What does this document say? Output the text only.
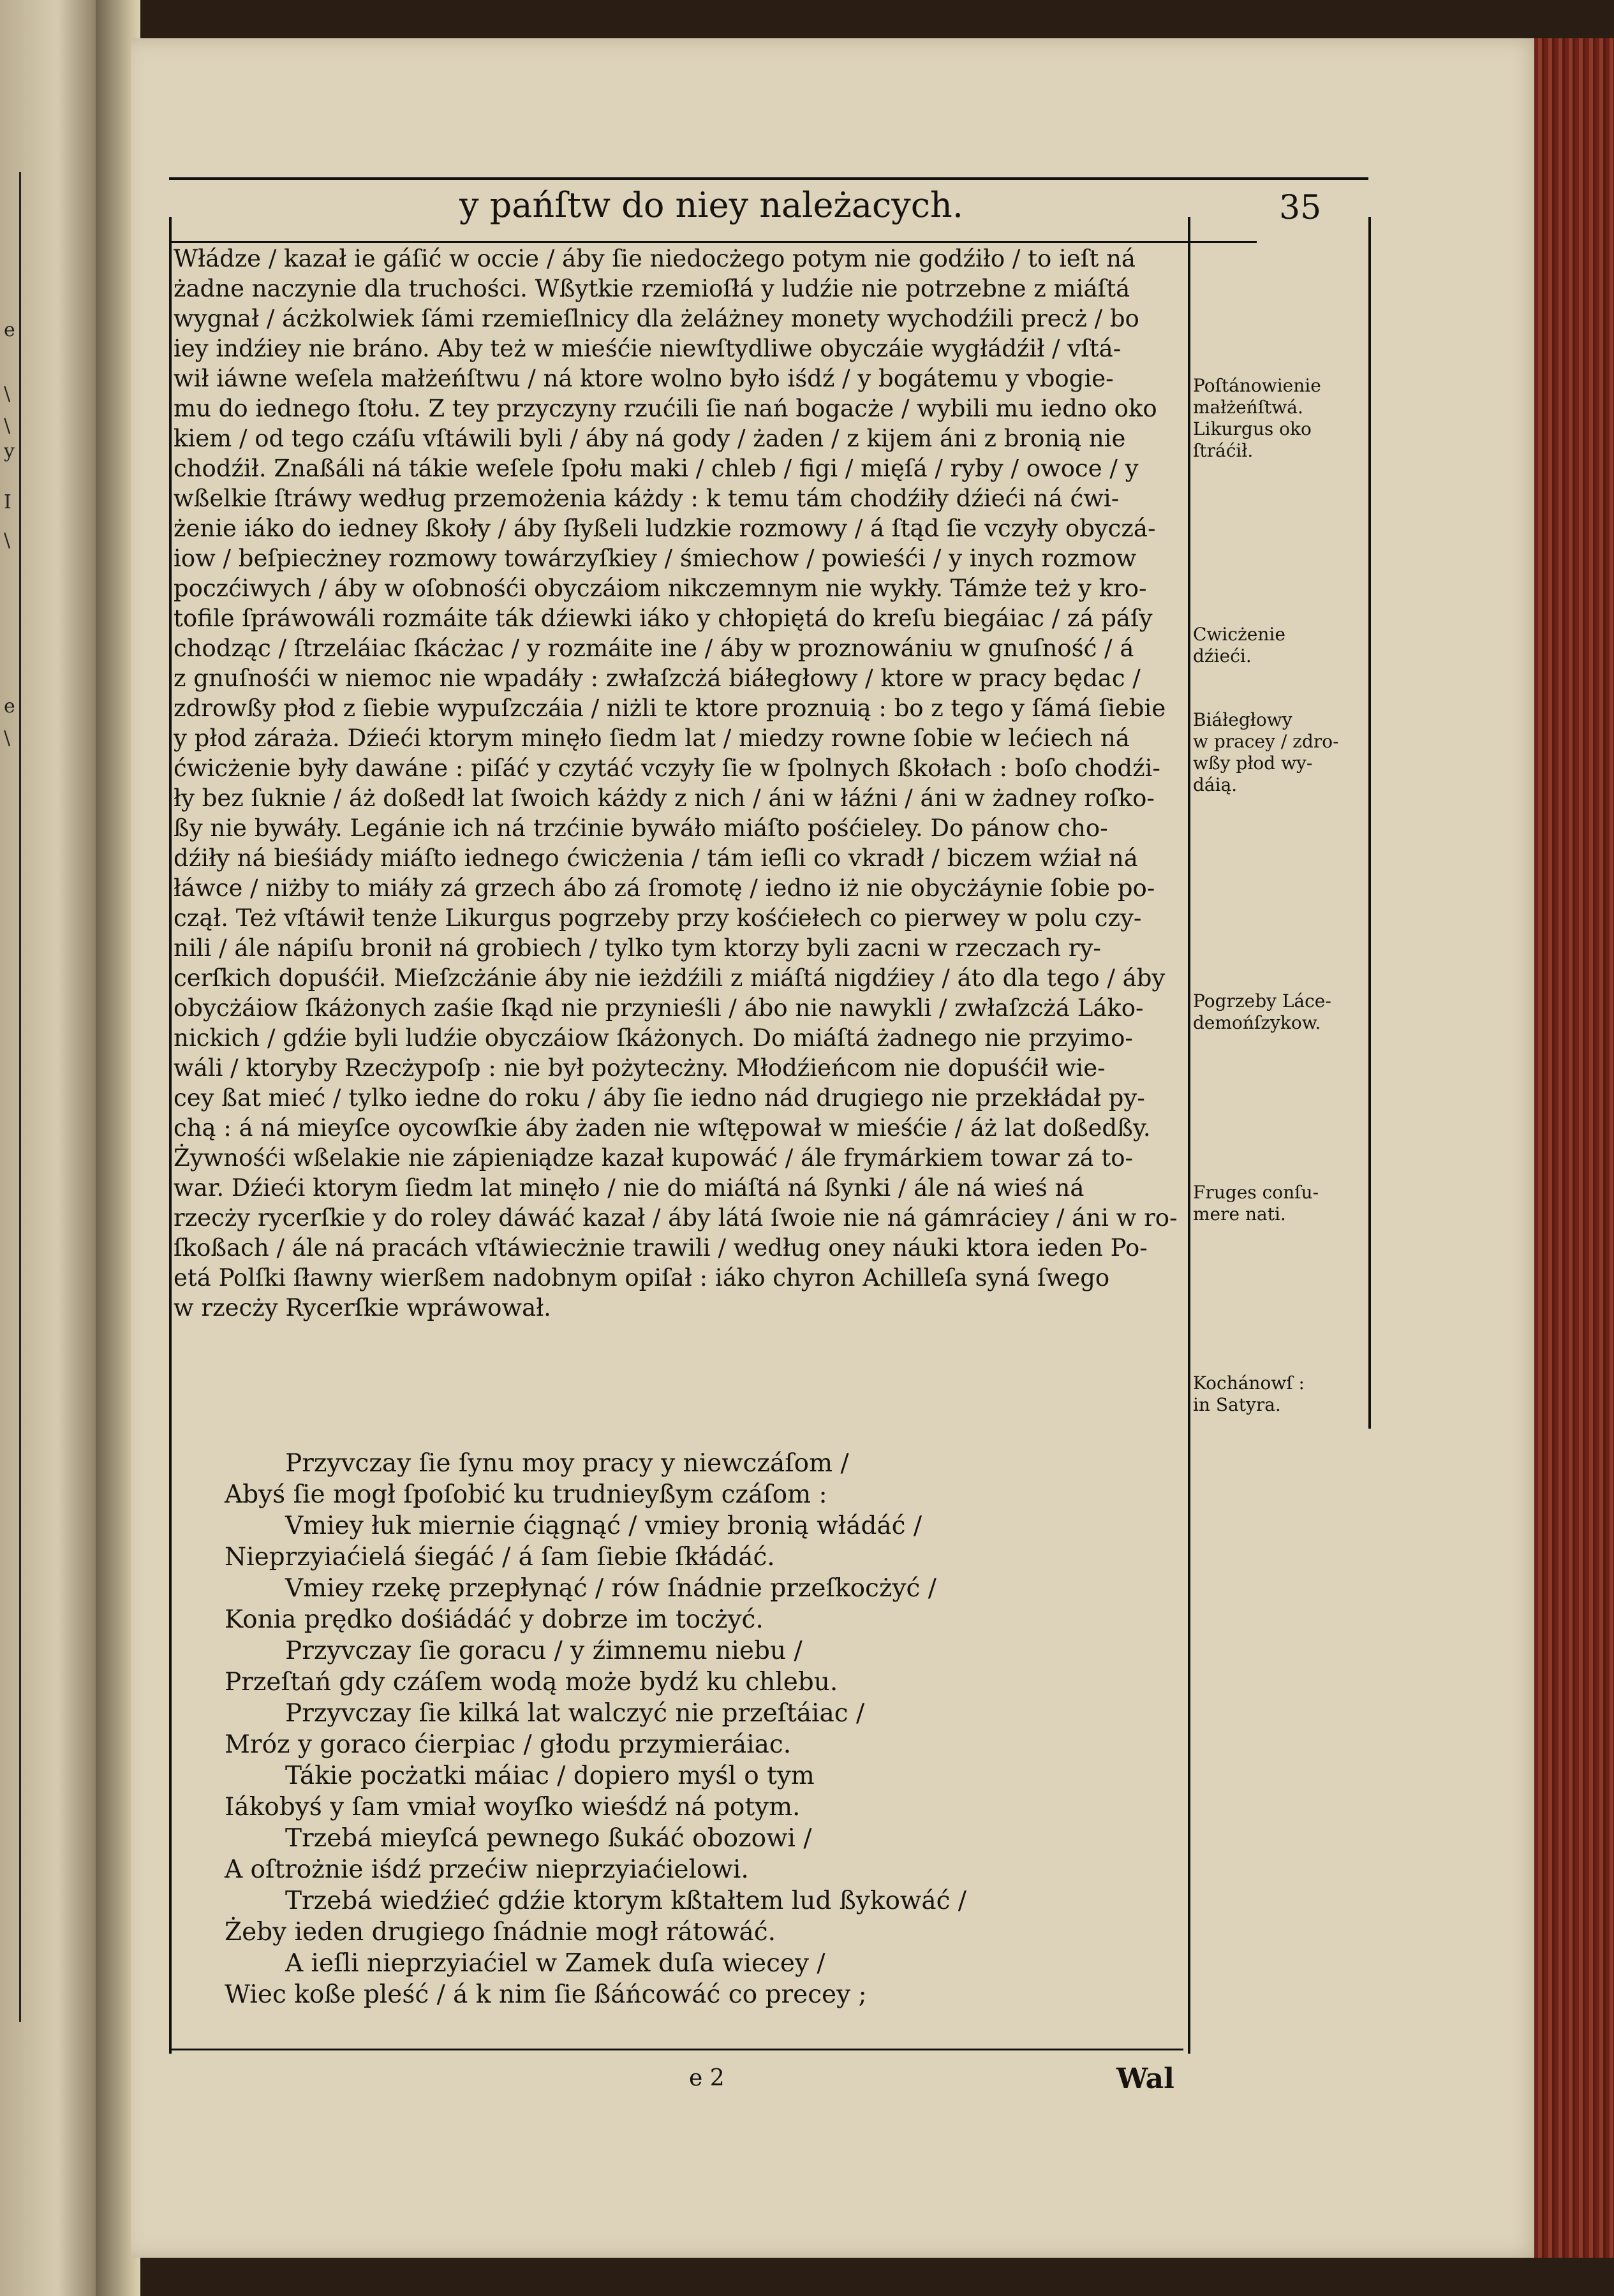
e
\
\
y
I
\
e
\
y pańſtw do niey należacych.	35

Włádze / kazał ie gáſić w occie / áby ſie niedocżego potym nie godźiło / to ieſt ná

żadne naczynie dla truchości. Wßytkie rzemioſłá y ludźie nie potrzebne z miáſtá

wygnał / ácżkolwiek ſámi rzemieſlnicy dla żeláżney monety wychodźili precż / bo

iey indźiey nie bráno. Aby też w mieśćie niewſtydliwe obyczáie wygłádźił / vſtá-

wił iáwne weſela małżeńſtwu / ná ktore wolno było iśdź / y bogátemu y vbogie-

mu do iednego ſtołu. Z tey przyczyny rzućili ſie nań bogacże / wybili mu iedno oko

kiem / od tego czáſu vſtáwili byli / áby ná gody / żaden / z kijem áni z bronią nie

chodźił. Znaßáli ná tákie weſele ſpołu maki / chleb / figi / mięſá / ryby / owoce / y

wßelkie ſtráwy według przemożenia káżdy : k temu tám chodźiły dźieći ná ćwi-

żenie iáko do iedney ßkoły / áby ſłyßeli ludzkie rozmowy / á ſtąd ſie vczyły obyczá-

iow / beſpiecżney rozmowy towárzyſkiey / śmiechow / powieśći / y inych rozmow

poczćiwych / áby w oſobnośći obyczáiom nikczemnym nie wykły. Támże też y kro-

tofile ſpráwowáli rozmáite ták dźiewki iáko y chłopiętá do kreſu biegáiac / zá páſy

chodząc / ſtrzeláiac ſkácżac / y rozmáite ine / áby w proznowániu w gnuſność / á

z gnuſnośći w niemoc nie wpadáły : zwłaſzcżá biáłegłowy / ktore w pracy będac /

zdrowßy płod z ſiebie wypuſzczáia / niżli te ktore proznuią : bo z tego y ſámá ſiebie

y płod záraża. Dźieći ktorym minęło ſiedm lat / miedzy rowne ſobie w lećiech ná

ćwicżenie były dawáne : piſáć y czytáć vczyły ſie w ſpolnych ßkołach : boſo chodźi-

ły bez ſuknie / áż doßedł lat ſwoich káżdy z nich / áni w łáźni / áni w żadney roſko-

ßy nie bywáły. Legánie ich ná trzćinie bywáło miáſto pośćieley. Do pánow cho-

dźiły ná bieśiády miáſto iednego ćwicżenia / tám ieſli co vkradł / biczem wźiał ná

łáwce / niżby to miáły zá grzech ábo zá ſromotę / iedno iż nie obycżáynie ſobie po-

czął. Też vſtáwił tenże Likurgus pogrzeby przy kośćiełech co pierwey w polu czy-

nili / ále nápiſu bronił ná grobiech / tylko tym ktorzy byli zacni w rzeczach ry-

cerſkich dopuśćił. Mieſzcżánie áby nie ieżdźili z miáſtá nigdźiey / áto dla tego / áby

obycżáiow ſkáżonych zaśie ſkąd nie przynieśli / ábo nie nawykli / zwłaſzcżá Láko-

nickich / gdźie byli ludźie obyczáiow ſkáżonych. Do miáſtá żadnego nie przyimo-

wáli / ktoryby Rzecżypoſp : nie był pożytecżny. Młodźieńcom nie dopuśćił wie-

cey ßat mieć / tylko iedne do roku / áby ſie iedno nád drugiego nie przekłádał py-

chą : á ná mieyſce oycowſkie áby żaden nie wſtępował w mieśćie / áż lat doßedßy.

Żywnośći wßelakie nie zápieniądze kazał kupowáć / ále frymárkiem towar zá to-

war. Dźieći ktorym ſiedm lat minęło / nie do miáſtá ná ßynki / ále ná wieś ná

rzecży rycerſkie y do roley dáwáć kazał / áby látá ſwoie nie ná gámráciey / áni w ro-

ſkoßach / ále ná pracách vſtáwiecżnie trawili / według oney náuki ktora ieden Po-

etá Polſki ſławny wierßem nadobnym opiſał : iáko chyron Achilleſa syná ſwego

w rzecży Rycerſkie wpráwował.

Przyvczay ſie ſynu moy pracy y niewczáſom /

Abyś ſie mogł ſpoſobić ku trudnieyßym czáſom :

Vmiey łuk miernie ćiągnąć / vmiey bronią włádáć /

Nieprzyiaćielá śiegáć / á ſam ſiebie ſkłádáć.

Vmiey rzekę przepłynąć / rów ſnádnie przeſkocżyć /

Konia prędko dośiádáć y dobrze im tocżyć.

Przyvczay ſie goracu / y źimnemu niebu /

Przeſtań gdy czáſem wodą może bydź ku chlebu.

Przyvczay ſie kilká lat walczyć nie przeſtáiac /

Mróz y goraco ćierpiac / głodu przymieráiac.

Tákie pocżatki máiac / dopiero myśl o tym

Iákobyś y ſam vmiał woyſko wieśdź ná potym.

Trzebá mieyſcá pewnego ßukáć obozowi /

A oſtrożnie iśdź przećiw nieprzyiaćielowi.

Trzebá wiedźieć gdźie ktorym kßtałtem lud ßykowáć /

Żeby ieden drugiego ſnádnie mogł rátowáć.

A ieſli nieprzyiaćiel w Zamek duſa wiecey /

Wiec koße pleść / á k nim ſie ßáńcowáć co precey ;

Poſtánowienie

małżeńſtwá.

Likurgus oko

ſtráćił.

Cwicżenie

dźieći.

Biáłegłowy

w pracey / zdro-

wßy płod wy-

dáią.

Pogrzeby Láce-

demońſzykow.

Fruges conſu-

mere nati.

Kochánowſ :

in Satyra.

e 2	Wal
